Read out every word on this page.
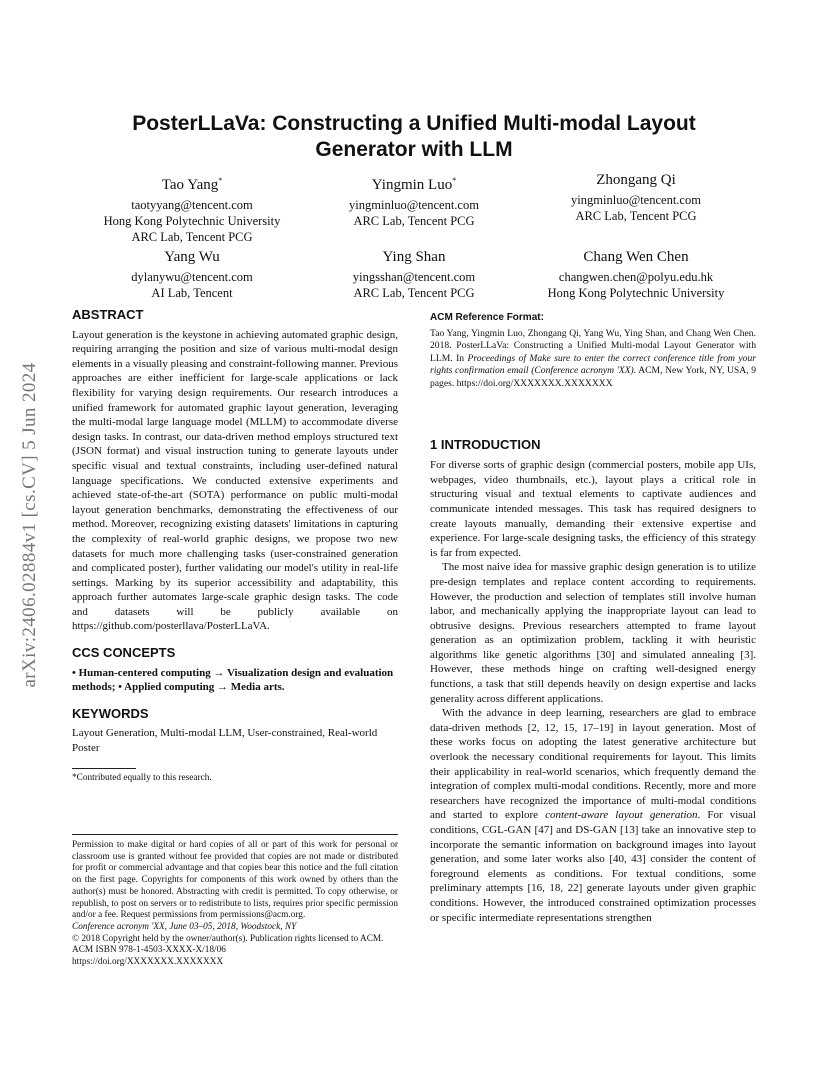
arXiv:2406.02884v1 [cs.CV] 5 Jun 2024
PosterLLaVa: Constructing a Unified Multi-modal Layout
Generator with LLM
Tao Yang*
taotyyang@tencent.com
Hong Kong Polytechnic University
ARC Lab, Tencent PCG
Yingmin Luo*
yingminluo@tencent.com
ARC Lab, Tencent PCG
Zhongang Qi
yingminluo@tencent.com
ARC Lab, Tencent PCG
Yang Wu
dylanywu@tencent.com
AI Lab, Tencent
Ying Shan
yingsshan@tencent.com
ARC Lab, Tencent PCG
Chang Wen Chen
changwen.chen@polyu.edu.hk
Hong Kong Polytechnic University
ABSTRACT

Layout generation is the keystone in achieving automated graphic design, requiring arranging the position and size of various multi-modal design elements in a visually pleasing and constraint-following manner. Previous approaches are either inefficient for large-scale applications or lack flexibility for varying design requirements. Our research introduces a unified framework for automated graphic layout generation, leveraging the multi-modal large language model (MLLM) to accommodate diverse design tasks. In contrast, our data-driven method employs structured text (JSON format) and visual instruction tuning to generate layouts under specific visual and textual constraints, including user-defined natural language specifications. We conducted extensive experiments and achieved state-of-the-art (SOTA) performance on public multi-modal layout generation benchmarks, demonstrating the effectiveness of our method. Moreover, recognizing existing datasets' limitations in capturing the complexity of real-world graphic designs, we propose two new datasets for much more challenging tasks (user-constrained generation and complicated poster), further validating our model's utility in real-life settings. Marking by its superior accessibility and adaptability, this approach further automates large-scale graphic design tasks. The code and datasets will be publicly available on https://github.com/posterllava/PosterLLaVA.

CCS CONCEPTS

• Human-centered computing → Visualization design and evaluation methods; • Applied computing → Media arts.

KEYWORDS

Layout Generation, Multi-modal LLM, User-constrained, Real-world Poster

*Contributed equally to this research.

Permission to make digital or hard copies of all or part of this work for personal or classroom use is granted without fee provided that copies are not made or distributed for profit or commercial advantage and that copies bear this notice and the full citation on the first page. Copyrights for components of this work owned by others than the author(s) must be honored. Abstracting with credit is permitted. To copy otherwise, or republish, to post on servers or to redistribute to lists, requires prior specific permission and/or a fee. Request permissions from permissions@acm.org.

Conference acronym 'XX, June 03–05, 2018, Woodstock, NY

© 2018 Copyright held by the owner/author(s). Publication rights licensed to ACM.

ACM ISBN 978-1-4503-XXXX-X/18/06

https://doi.org/XXXXXXX.XXXXXXX

ACM Reference Format:

Tao Yang, Yingmin Luo, Zhongang Qi, Yang Wu, Ying Shan, and Chang Wen Chen. 2018. PosterLLaVa: Constructing a Unified Multi-modal Layout Generator with LLM. In Proceedings of Make sure to enter the correct conference title from your rights confirmation email (Conference acronym 'XX). ACM, New York, NY, USA, 9 pages. https://doi.org/XXXXXXX.XXXXXXX

1 INTRODUCTION

For diverse sorts of graphic design (commercial posters, mobile app UIs, webpages, video thumbnails, etc.), layout plays a critical role in structuring visual and textual elements to captivate audiences and communicate intended messages. This task has required designers to create layouts manually, demanding their extensive expertise and experience. For large-scale designing tasks, the efficiency of this strategy is far from expected.

The most naive idea for massive graphic design generation is to utilize pre-design templates and replace content according to requirements. However, the production and selection of templates still involve human labor, and mechanically applying the inappropriate layout can lead to obtrusive designs. Previous researchers attempted to frame layout generation as an optimization problem, tackling it with heuristic algorithms like genetic algorithms [30] and simulated annealing [3]. However, these methods hinge on crafting well-designed energy functions, a task that still depends heavily on design expertise and lacks generality across different applications.

With the advance in deep learning, researchers are glad to embrace data-driven methods [2, 12, 15, 17–19] in layout generation. Most of these works focus on adopting the latest generative architecture but overlook the necessary conditional requirements for layout. This limits their applicability in real-world scenarios, which frequently demand the integration of complex multi-modal conditions. Recently, more and more researchers have recognized the importance of multi-modal conditions and started to explore content-aware layout generation. For visual conditions, CGL-GAN [47] and DS-GAN [13] take an innovative step to incorporate the semantic information on background images into layout generation, and some later works also [40, 43] consider the content of foreground elements as conditions. For textual conditions, some preliminary attempts [16, 18, 22] generate layouts under given graphic conditions. However, the introduced constrained optimization processes or specific intermediate representations strengthen
